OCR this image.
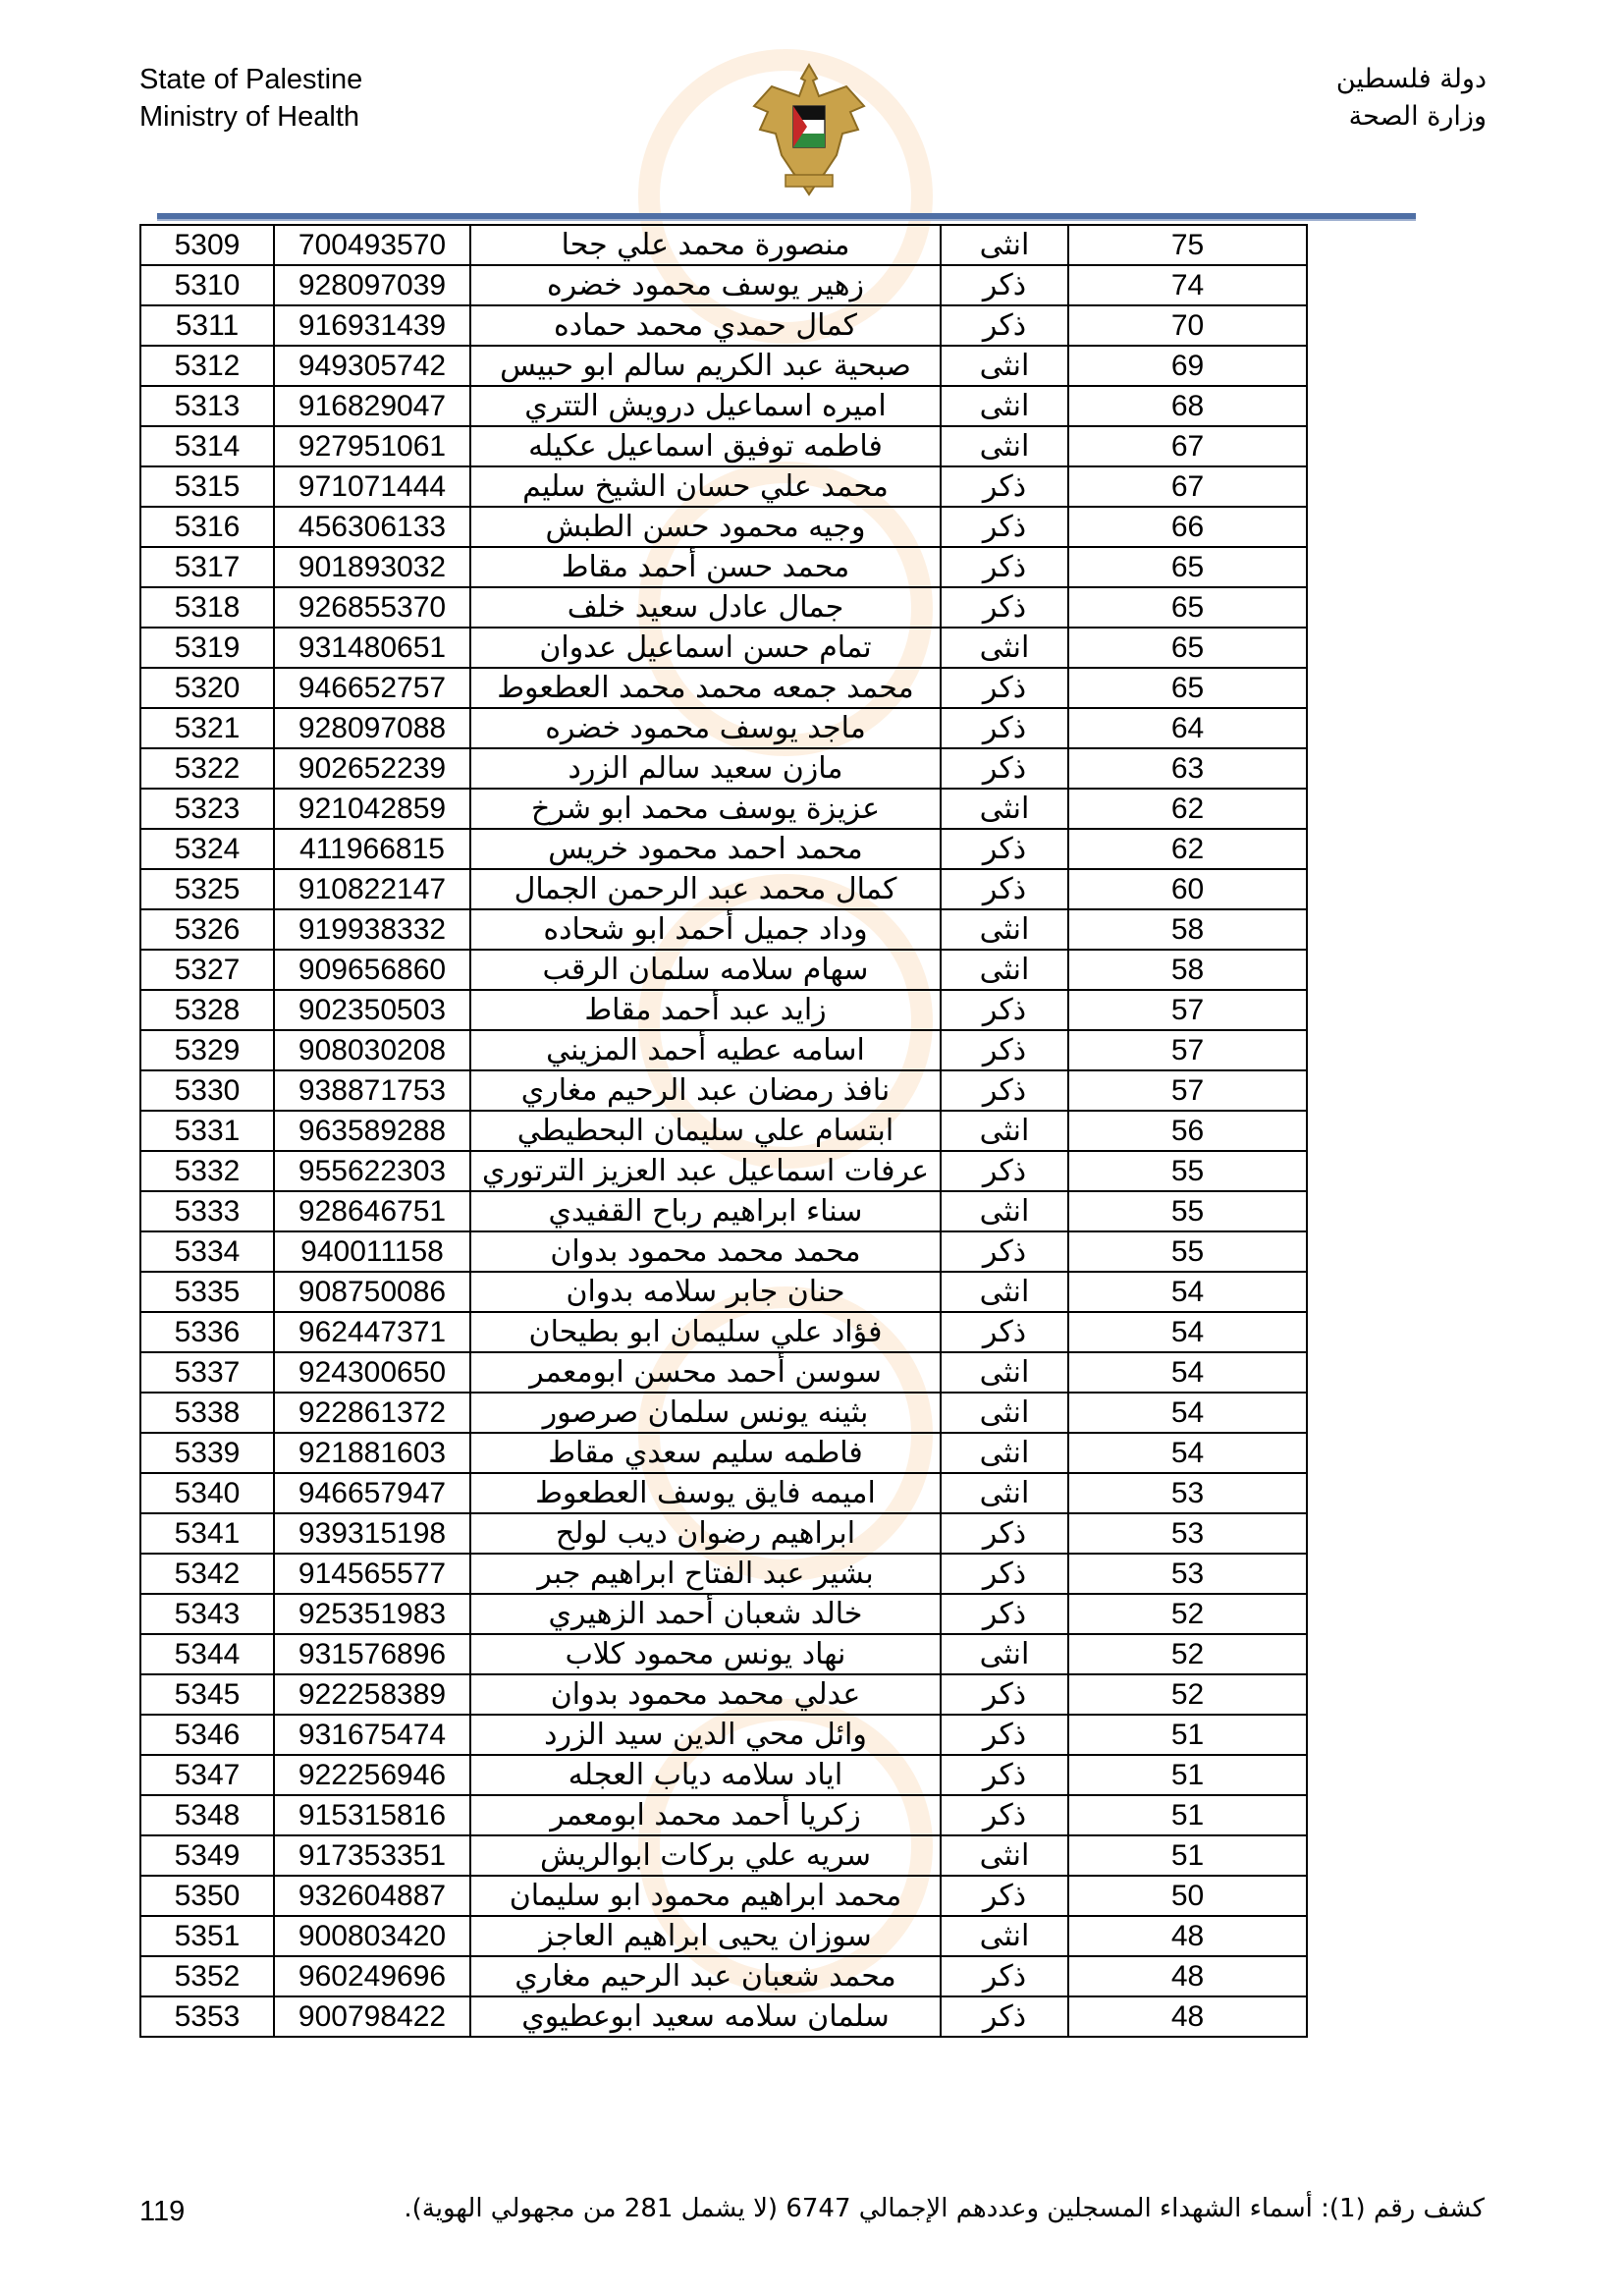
State of Palestine
Ministry of Health
دولة فلسطين
وزارة الصحة
5309	700493570	منصورة محمد علي جحا	انثى	75
5310	928097039	زهير يوسف محمود خضره	ذكر	74
5311	916931439	كمال حمدي محمد حماده	ذكر	70
5312	949305742	صبحية عبد الكريم سالم ابو حبيس	انثى	69
5313	916829047	اميره اسماعيل درويش التتري	انثى	68
5314	927951061	فاطمه توفيق اسماعيل عكيله	انثى	67
5315	971071444	محمد علي حسان الشيخ سليم	ذكر	67
5316	456306133	وجيه محمود حسن الطبش	ذكر	66
5317	901893032	محمد حسن أحمد مقاط	ذكر	65
5318	926855370	جمال عادل سعيد خلف	ذكر	65
5319	931480651	تمام حسن اسماعيل عدوان	انثى	65
5320	946652757	محمد جمعه محمد محمد العطعوط	ذكر	65
5321	928097088	ماجد يوسف محمود خضره	ذكر	64
5322	902652239	مازن سعيد سالم الزرد	ذكر	63
5323	921042859	عزيزة يوسف محمد ابو شرخ	انثى	62
5324	411966815	محمد احمد محمود خريس	ذكر	62
5325	910822147	كمال محمد عبد الرحمن الجمال	ذكر	60
5326	919938332	وداد جميل أحمد ابو شحاده	انثى	58
5327	909656860	سهام سلامه سلمان الرقب	انثى	58
5328	902350503	زايد عبد أحمد مقاط	ذكر	57
5329	908030208	اسامه عطيه أحمد المزيني	ذكر	57
5330	938871753	نافذ رمضان عبد الرحيم مغاري	ذكر	57
5331	963589288	ابتسام علي سليمان البحطيطي	انثى	56
5332	955622303	عرفات اسماعيل عبد العزيز الترتوري	ذكر	55
5333	928646751	سناء ابراهيم رباح القفيدي	انثى	55
5334	940011158	محمد محمد محمود بدوان	ذكر	55
5335	908750086	حنان جابر سلامه بدوان	انثى	54
5336	962447371	فؤاد علي سليمان ابو بطيحان	ذكر	54
5337	924300650	سوسن أحمد محسن ابومعمر	انثى	54
5338	922861372	بثينه يونس سلمان صرصور	انثى	54
5339	921881603	فاطمه سليم سعدي مقاط	انثى	54
5340	946657947	اميمه فايق يوسف العطعوط	انثى	53
5341	939315198	ابراهيم رضوان ديب لولح	ذكر	53
5342	914565577	بشير عبد الفتاح ابراهيم جبر	ذكر	53
5343	925351983	خالد شعبان أحمد الزهيري	ذكر	52
5344	931576896	نهاد يونس محمود كلاب	انثى	52
5345	922258389	عدلي محمد محمود بدوان	ذكر	52
5346	931675474	وائل محي الدين سيد الزرد	ذكر	51
5347	922256946	اياد سلامه دياب العجله	ذكر	51
5348	915315816	زكريا أحمد محمد ابومعمر	ذكر	51
5349	917353351	سريه علي بركات ابوالريش	انثى	51
5350	932604887	محمد ابراهيم محمود ابو سليمان	ذكر	50
5351	900803420	سوزان يحيى ابراهيم العاجز	انثى	48
5352	960249696	محمد شعبان عبد الرحيم مغاري	ذكر	48
5353	900798422	سلمان سلامه سعيد ابوعطيوي	ذكر	48
119	كشف رقم (1): أسماء الشهداء المسجلين وعددهم الإجمالي 6747 (لا يشمل 281 من مجهولي الهوية).
